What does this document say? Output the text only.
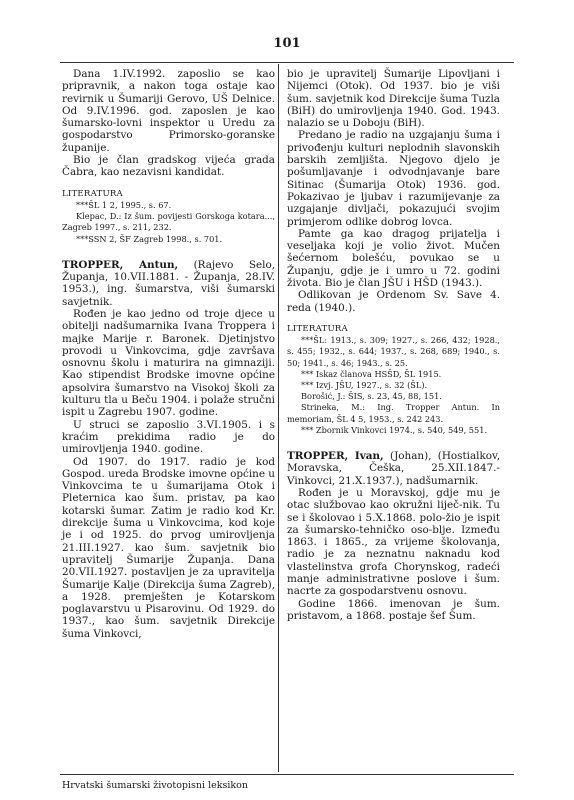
101

Dana 1.IV.1992. zaposlio se kao pripravnik, a nakon toga ostaje kao revirnik u Šumariji Gerovo, UŠ Delnice. Od 9.IV.1996. god. zaposlen je kao šumarsko-lovni inspektor u Uredu za gospodarstvo Primorsko-goranske županije.

Bio je član gradskog vijeća grada Čabra, kao nezavisni kandidat.

LITERATURA
***ŠL 1 2, 1995., s. 67.
Klepac, D.: Iz šum. povijesti Gorskoga kotara..., Zagreb 1997., s. 211, 232.
***SSN 2, ŠF Zagreb 1998., s. 701.

TROPPER, Antun, (Rajevo Selo, Županja, 10.VII.1881. - Županja, 28.IV. 1953.), ing. šumarstva, viši šumarski savjetnik.

Rođen je kao jedno od troje djece u obitelji nadšumarnika Ivana Troppera i majke Marije r. Baronek. Djetinjstvo provodi u Vinkovcima, gdje završava osnovnu školu i maturira na gimnaziji. Kao stipendist Brodske imovne općine apsolvira šumarstvo na Visokoj školi za kulturu tla u Beču 1904. i polaže stručni ispit u Zagrebu 1907. godine.

U struci se zaposlio 3.VI.1905. i s kraćim prekidima radio je do umirovljenja 1940. godine.

Od 1907. do 1917. radio je kod Gospod. ureda Brodske imovne općine u Vinkovcima te u šumarijama Otok i Pleternica kao šum. pristav, pa kao kotarski šumar. Zatim je radio kod Kr. direkcije šuma u Vinkovcima, kod koje je i od 1925. do prvog umirovljenja 21.III.1927. kao šum. savjetnik bio upravitelj Šumarije Županja. Dana 20.VII.1927. postavljen je za upravitelja Šumarije Kalje (Direkcija šuma Zagreb), a 1928. premješten je Kotarskom poglavarstvu u Pisarovinu. Od 1929. do 1937., kao šum. savjetnik Direkcije šuma Vinkovci,

bio je upravitelj Šumarije Lipovljani i Nijemci (Otok). Od 1937. bio je viši šum. savjetnik kod Direkcije šuma Tuzla (BiH) do umirovljenja 1940. God. 1943. nalazio se u Doboju (BiH).

Predano je radio na uzgajanju šuma i privođenju kulturi neplodnih slavonskih barskih zemljišta. Njegovo djelo je pošumljavanje i odvodnjavanje bare Sitinac (Šumarija Otok) 1936. god. Pokazivao je ljubav i razumijevanje za uzgajanje divljači, pokazujući svojim primjerom odlike dobrog lovca.

Pamte ga kao dragog prijatelja i veseljaka koji je volio život. Mučen šećernom bolešću, povukao se u Županju, gdje je i umro u 72. godini života. Bio je član JŠU i HŠD (1943.).

Odlikovan je Ordenom Sv. Save 4. reda (1940.).

LITERATURA
***ŠL: 1913., s. 309; 1927., s. 266, 432; 1928., s. 455; 1932., s. 644; 1937., s. 268, 689; 1940., s. 50; 1941., s. 46; 1943., s. 25.
*** Iskaz članova HSŠD, ŠL 1915.
*** Izvj. JŠU, 1927., s. 32 (ŠL).
Borošić, J.: ŠIS, s. 23, 45, 88, 151.
Strineka, M.: Ing. Tropper Antun. In memoriam, ŠL 4 5, 1953., s. 242 243.
*** Zbornik Vinkovci 1974., s. 540, 549, 551.

TROPPER, Ivan, (Johan), (Hostialkov, Moravska, Češka, 25.XII.1847.- Vinkovci, 21.X.1937.), nadšumarnik.

Rođen je u Moravskoj, gdje mu je otac službovao kao okružni liječ-nik. Tu se i školovao i 5.X.1868. polo-žio je ispit za šumarsko-tehničko oso-blje. Između 1863. i 1865., za vrijeme školovanja, radio je za neznatnu naknadu kod vlastelinstva grofa Chorynskog, radeći manje administrativne poslove i šum. nacrte za gospodarstvenu osnovu.

Godine 1866. imenovan je šum. pristavom, a 1868. postaje šef Šum.

Hrvatski šumarski životopisni leksikon
